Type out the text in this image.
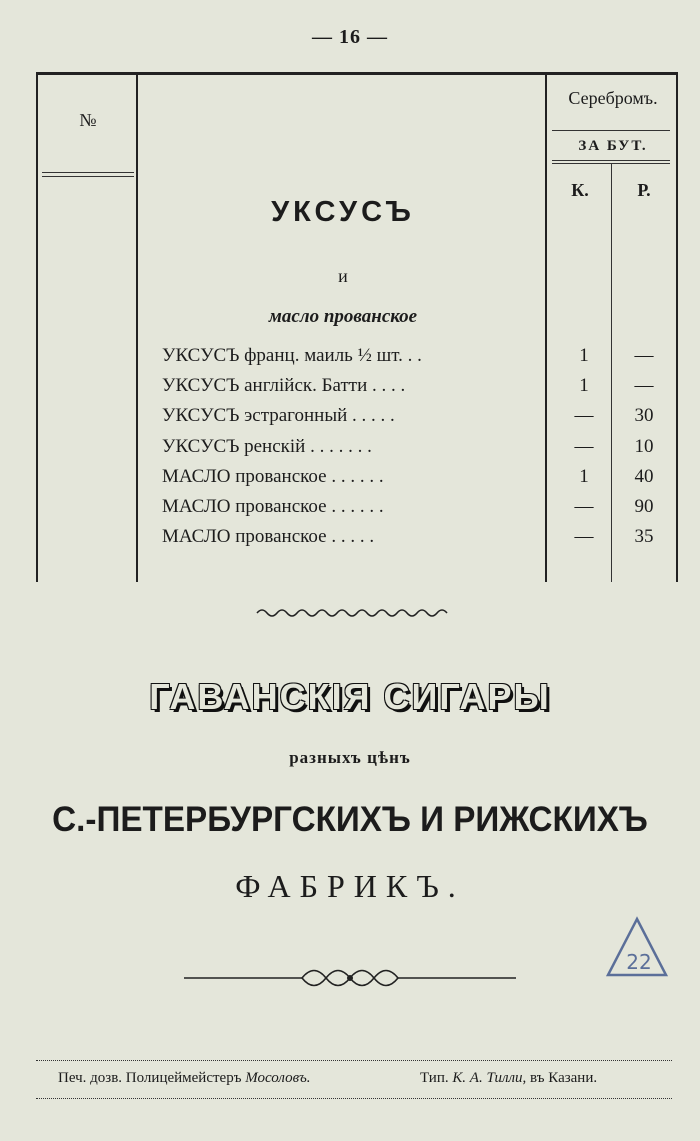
— 16 —
№
Серебромъ.
ЗА БУТ.
К.	Р.
УКСУСЪ
и
масло прованское
УКСУСЪ франц. маиль ½ шт. . .	1	—
УКСУСЪ англійск. Батти . . . .	1	—
УКСУСЪ эстрагонный . . . . .	—	30
УКСУСЪ ренскій . . . . . . .	—	10
МАСЛО прованское . . . . . .	1	40
МАСЛО прованское . . . . . .	—	90
МАСЛО прованское . . . . .	—	35
ГАВАНСКІЯ СИГАРЫ
разныхъ цѣнъ
С.-ПЕТЕРБУРГСКИХЪ И РИЖСКИХЪ
ФАБРИКЪ.
22
Печ. дозв. Полицеймейстеръ Мосоловъ.	Тип. К. А. Тилли, въ Казани.
